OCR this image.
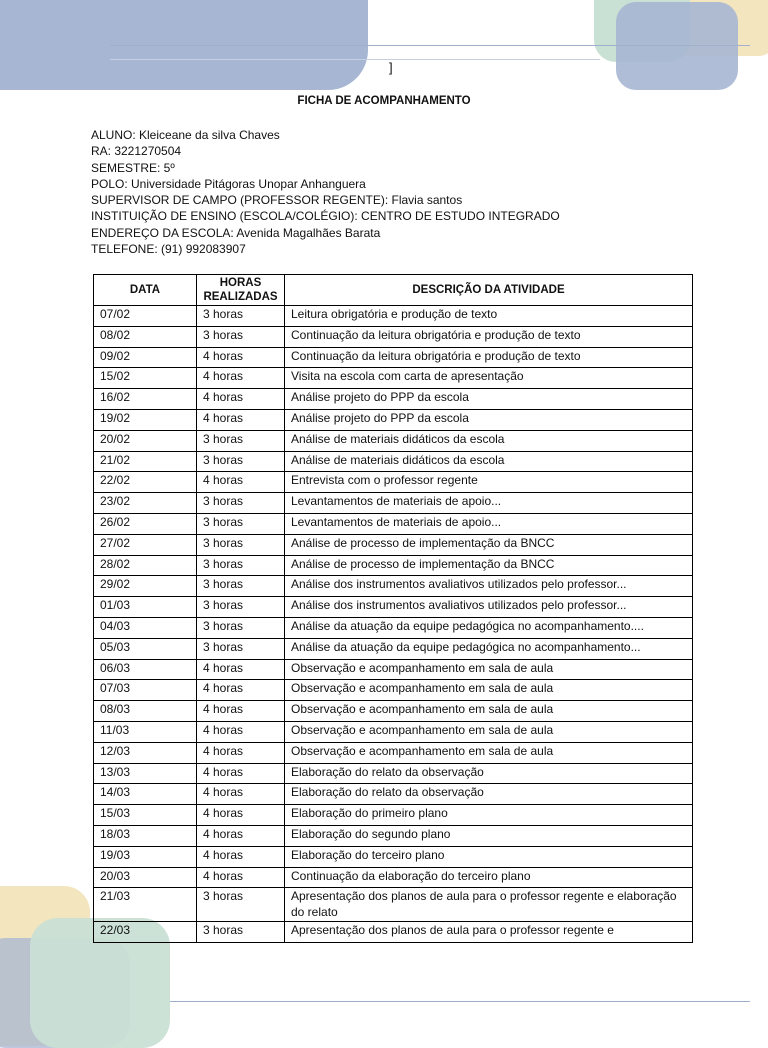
]
FICHA DE ACOMPANHAMENTO
ALUNO: Kleiceane da silva Chaves
RA: 3221270504
SEMESTRE: 5º
POLO: Universidade Pitágoras Unopar Anhanguera
SUPERVISOR DE CAMPO (PROFESSOR REGENTE): Flavia santos
INSTITUIÇÃO DE ENSINO (ESCOLA/COLÉGIO): CENTRO DE ESTUDO INTEGRADO
ENDEREÇO DA ESCOLA: Avenida Magalhães Barata
TELEFONE: (91) 992083907
DATA	HORAS REALIZADAS	DESCRIÇÃO DA ATIVIDADE
07/02	3 horas	Leitura obrigatória e produção de texto
08/02	3 horas	Continuação da leitura obrigatória e produção de texto
09/02	4 horas	Continuação da leitura obrigatória e produção de texto
15/02	4 horas	Visita na escola com carta de apresentação
16/02	4 horas	Análise projeto do PPP da escola
19/02	4 horas	Análise projeto do PPP da escola
20/02	3 horas	Análise de materiais didáticos da escola
21/02	3 horas	Análise de materiais didáticos da escola
22/02	4 horas	Entrevista com o professor regente
23/02	3 horas	Levantamentos de materiais de apoio...
26/02	3 horas	Levantamentos de materiais de apoio...
27/02	3 horas	Análise de processo de implementação da BNCC
28/02	3 horas	Análise de processo de implementação da BNCC
29/02	3 horas	Análise dos instrumentos avaliativos utilizados pelo professor...
01/03	3 horas	Análise dos instrumentos avaliativos utilizados pelo professor...
04/03	3 horas	Análise da atuação da equipe pedagógica no acompanhamento....
05/03	3 horas	Análise da atuação da equipe pedagógica no acompanhamento...
06/03	4 horas	Observação e acompanhamento em sala de aula
07/03	4 horas	Observação e acompanhamento em sala de aula
08/03	4 horas	Observação e acompanhamento em sala de aula
11/03	4 horas	Observação e acompanhamento em sala de aula
12/03	4 horas	Observação e acompanhamento em sala de aula
13/03	4 horas	Elaboração do relato da observação
14/03	4 horas	Elaboração do relato da observação
15/03	4 horas	Elaboração do primeiro plano
18/03	4 horas	Elaboração do segundo plano
19/03	4 horas	Elaboração do terceiro plano
20/03	4 horas	Continuação da elaboração do terceiro plano
21/03	3 horas	Apresentação dos planos de aula para o professor regente e elaboração do relato
22/03	3 horas	Apresentação dos planos de aula para o professor regente e
